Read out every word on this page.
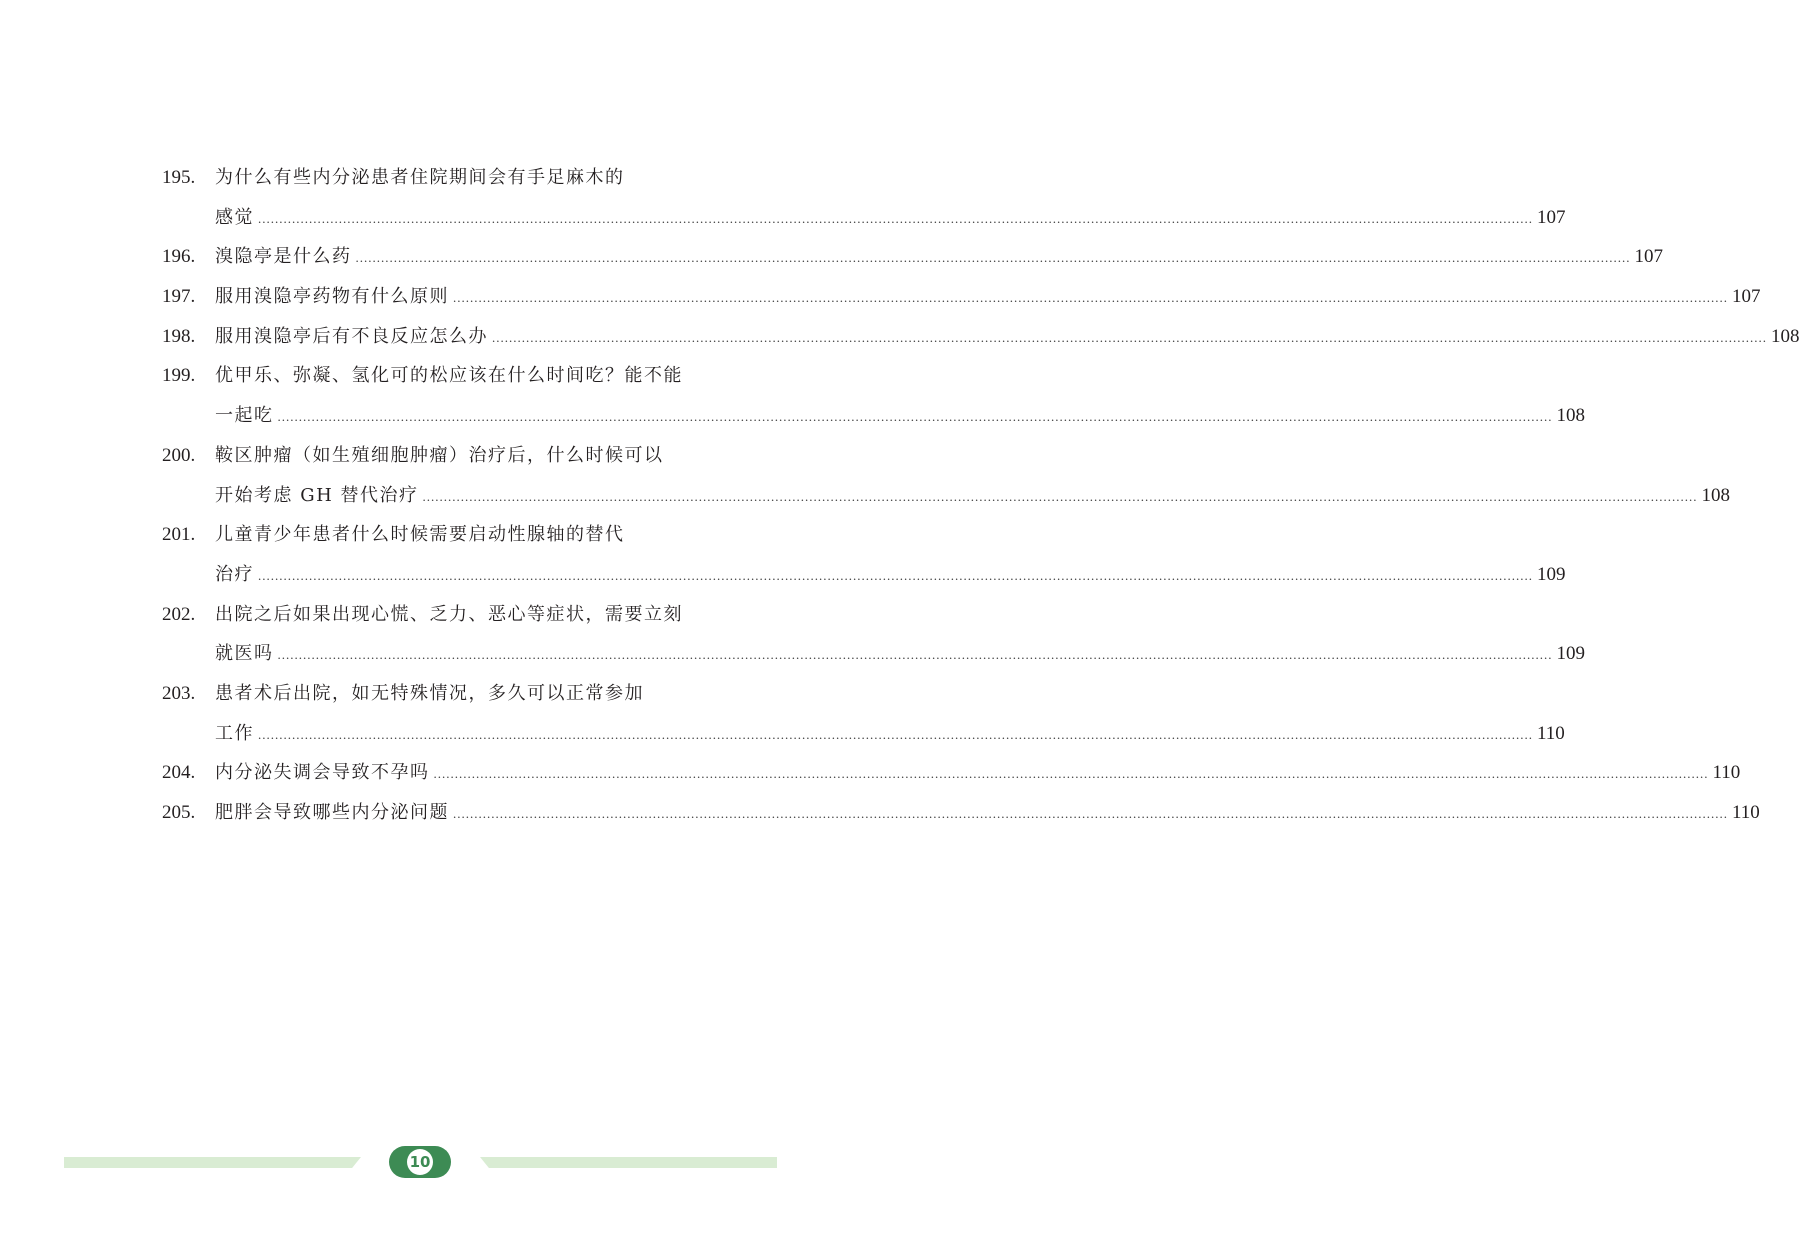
195.	为什么有些内分泌患者住院期间会有手足麻木的
感觉 ............................................................................................................................................................................................................................................................................................................ 107
196.	溴隐亭是什么药 ............................................................................................................................................................................................................................................................................................................ 107
197.	服用溴隐亭药物有什么原则 ............................................................................................................................................................................................................................................................................................................ 107
198.	服用溴隐亭后有不良反应怎么办 ............................................................................................................................................................................................................................................................................................................ 108
199.	优甲乐、弥凝、氢化可的松应该在什么时间吃？能不能
一起吃 ............................................................................................................................................................................................................................................................................................................ 108
200.	鞍区肿瘤（如生殖细胞肿瘤）治疗后，什么时候可以
开始考虑 GH 替代治疗 ............................................................................................................................................................................................................................................................................................................ 108
201.	儿童青少年患者什么时候需要启动性腺轴的替代
治疗 ............................................................................................................................................................................................................................................................................................................ 109
202.	出院之后如果出现心慌、乏力、恶心等症状，需要立刻
就医吗 ............................................................................................................................................................................................................................................................................................................ 109
203.	患者术后出院，如无特殊情况，多久可以正常参加
工作 ............................................................................................................................................................................................................................................................................................................ 110
204.	内分泌失调会导致不孕吗 ............................................................................................................................................................................................................................................................................................................ 110
205.	肥胖会导致哪些内分泌问题 ............................................................................................................................................................................................................................................................................................................ 110
10
